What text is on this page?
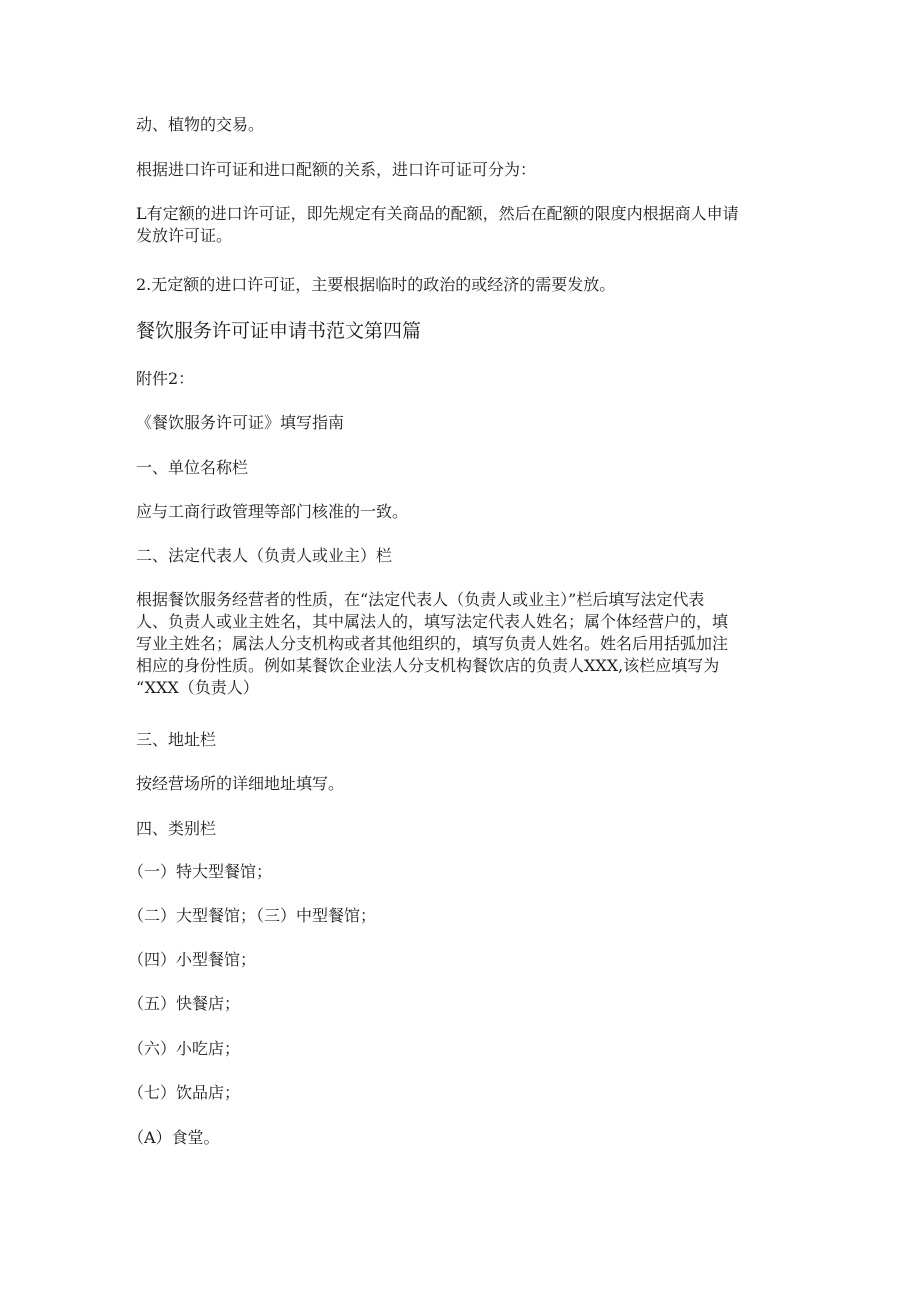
动、植物的交易。

根据进口许可证和进口配额的关系，进口许可证可分为：

L有定额的进口许可证，即先规定有关商品的配额，然后在配额的限度内根据商人申请
发放许可证。

2.无定额的进口许可证，主要根据临时的政治的或经济的需要发放。

餐饮服务许可证申请书范文第四篇

附件2：

《餐饮服务许可证》填写指南

一、单位名称栏

应与工商行政管理等部门核准的一致。

二、法定代表人（负责人或业主）栏

根据餐饮服务经营者的性质，在“法定代表人（负责人或业主）”栏后填写法定代表
人、负责人或业主姓名，其中属法人的，填写法定代表人姓名；属个体经营户的，填
写业主姓名；属法人分支机构或者其他组织的，填写负责人姓名。姓名后用括弧加注
相应的身份性质。例如某餐饮企业法人分支机构餐饮店的负责人XXX,该栏应填写为
“XXX（负责人）

三、地址栏

按经营场所的详细地址填写。

四、类别栏

（一）特大型餐馆；

（二）大型餐馆；（三）中型餐馆；

（四）小型餐馆；

（五）快餐店；

（六）小吃店；

（七）饮品店；

（A）食堂。
